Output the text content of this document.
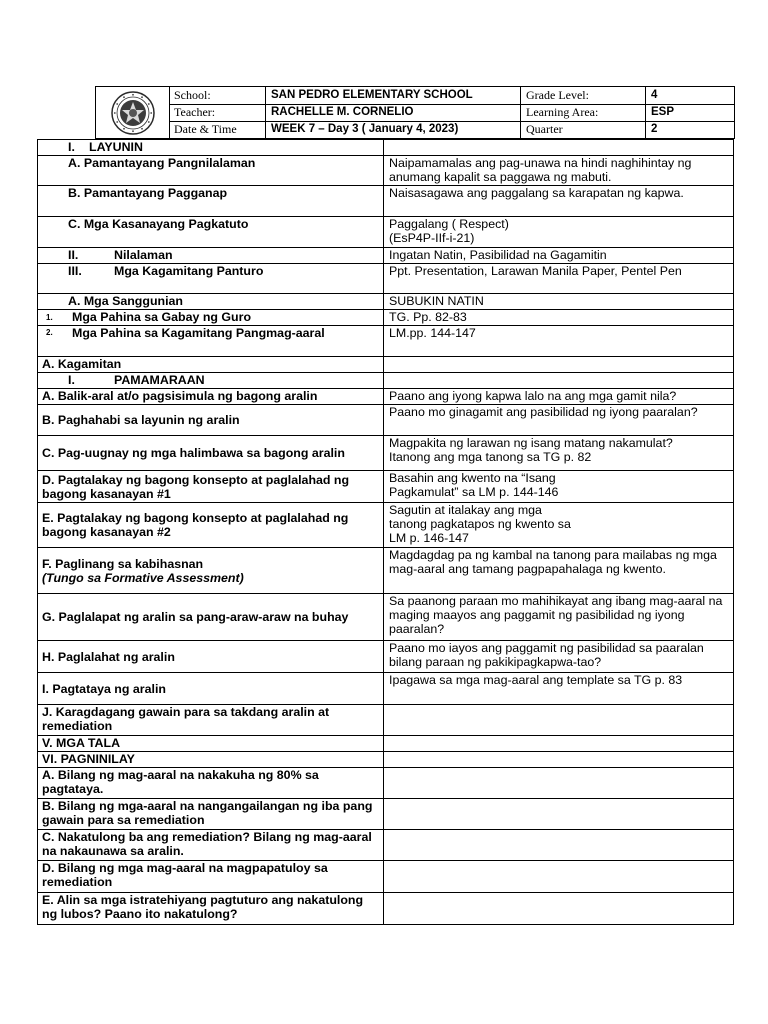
School:	SAN PEDRO ELEMENTARY SCHOOL	Grade Level:	4
Teacher:	RACHELLE M. CORNELIO	Learning Area:	ESP
Date & Time	WEEK 7 – Day 3 ( January 4, 2023)	Quarter	2
I. LAYUNIN	
A. Pamantayang Pangnilalaman	Naipamamalas ang pag-unawa na hindi naghihintay ng anumang kapalit sa paggawa ng mabuti.
B. Pamantayang Pagganap	Naisasagawa ang paggalang sa karapatan ng kapwa.
C. Mga Kasanayang Pagkatuto	Paggalang ( Respect)
(EsP4P-IIf-i-21)

II. Nilalaman	Ingatan Natin, Pasibilidad na Gagamitin
III. Mga Kagamitang Panturo	Ppt. Presentation, Larawan Manila Paper, Pentel Pen
A. Mga Sanggunian	SUBUKIN NATIN
1. Mga Pahina sa Gabay ng Guro	TG. Pp. 82-83

2. Mga Pahina sa Kagamitang Pangmag-aaral	LM.pp. 144-147
A. Kagamitan	
I. PAMAMARAAN	
A. Balik-aral at/o pagsisimula ng bagong aralin	Paano ang iyong kapwa lalo na ang mga gamit nila?
B. Paghahabi sa layunin ng aralin	Paano mo ginagamit ang pasibilidad ng iyong paaralan?
C. Pag-uugnay ng mga halimbawa sa bagong aralin	Magpakita ng larawan ng isang matang nakamulat?
Itanong ang mga tanong sa TG p. 82

D. Pagtalakay ng bagong konsepto at paglalahad ng bagong kasanayan #1	Basahin ang kwento na “Isang
Pagkamulat” sa LM p. 144-146

E. Pagtalakay ng bagong konsepto at paglalahad ng bagong kasanayan #2	Sagutin at italakay ang mga
tanong pagkatapos ng kwento sa
LM p. 146-147

F. Paglinang sa kabihasnan
(Tungo sa Formative Assessment)	Magdagdag pa ng kambal na tanong para mailabas ng mga mag-aaral ang tamang pagpapahalaga ng kwento.
G. Paglalapat ng aralin sa pang-araw-araw na buhay	Sa paanong paraan mo mahihikayat ang ibang mag-aaral na maging maayos ang paggamit ng pasibilidad ng iyong paaralan?
H. Paglalahat ng aralin	Paano mo iayos ang paggamit ng pasibilidad sa paaralan bilang paraan ng pakikipagkapwa-tao?
I. Pagtataya ng aralin	Ipagawa sa mga mag-aaral ang template sa TG p. 83
J. Karagdagang gawain para sa takdang aralin at remediation	
V. MGA TALA	
VI. PAGNINILAY	
A. Bilang ng mag-aaral na nakakuha ng 80% sa pagtataya.	
B. Bilang ng mga-aaral na nangangailangan ng iba pang gawain para sa remediation	
C. Nakatulong ba ang remediation? Bilang ng mag-aaral na nakaunawa sa aralin.	
D. Bilang ng mga mag-aaral na magpapatuloy sa remediation	
E. Alin sa mga istratehiyang pagtuturo ang nakatulong ng lubos? Paano ito nakatulong?	
